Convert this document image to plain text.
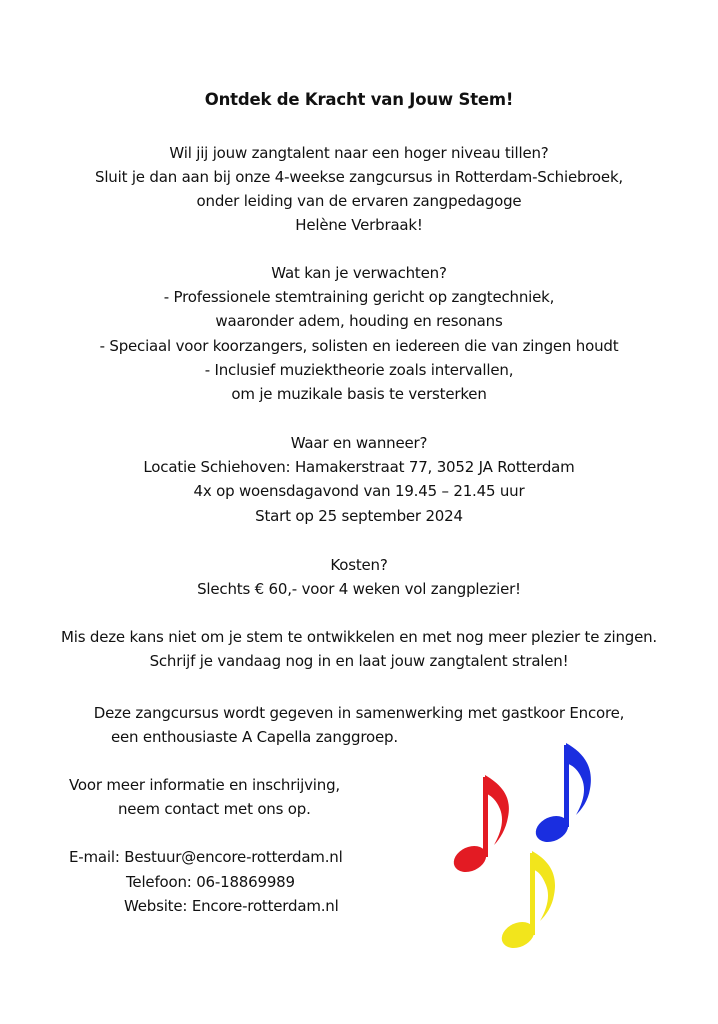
Ontdek de Kracht van Jouw Stem!
Wil jij jouw zangtalent naar een hoger niveau tillen?
Sluit je dan aan bij onze 4-weekse zangcursus in Rotterdam-Schiebroek,
onder leiding van de ervaren zangpedagoge
Helène Verbraak!
Wat kan je verwachten?
- Professionele stemtraining gericht op zangtechniek,
waaronder adem, houding en resonans
- Speciaal voor koorzangers, solisten en iedereen die van zingen houdt
- Inclusief muziektheorie zoals intervallen,
om je muzikale basis te versterken
Waar en wanneer?
Locatie Schiehoven: Hamakerstraat 77, 3052 JA Rotterdam
4x op woensdagavond van 19.45 – 21.45 uur
Start op 25 september 2024
Kosten?
Slechts € 60,- voor 4 weken vol zangplezier!
Mis deze kans niet om je stem te ontwikkelen en met nog meer plezier te zingen.
Schrijf je vandaag nog in en laat jouw zangtalent stralen!
Deze zangcursus wordt gegeven in samenwerking met gastkoor Encore,
een enthousiaste A Capella zanggroep.
Voor meer informatie en inschrijving,
neem contact met ons op.
E-mail: Bestuur@encore-rotterdam.nl
Telefoon: 06-18869989
Website: Encore-rotterdam.nl
